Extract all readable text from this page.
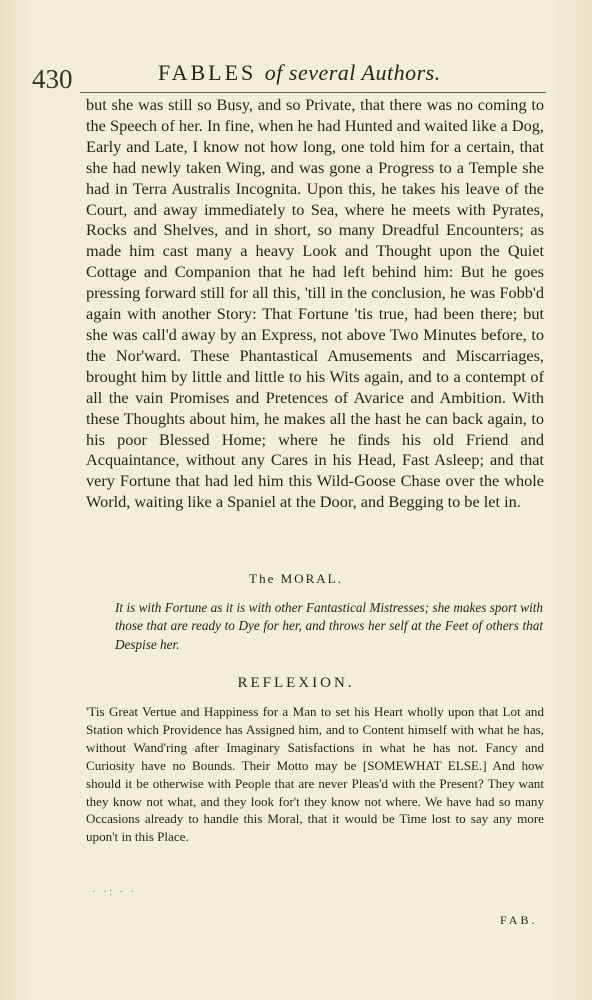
430	FABLES of several Authors.

but she was still so Busy, and so Private, that there was no coming to the Speech of her. In fine, when he had Hunted and waited like a Dog, Early and Late, I know not how long, one told him for a certain, that she had newly taken Wing, and was gone a Progress to a Temple she had in Terra Australis Incognita. Upon this, he takes his leave of the Court, and away immediately to Sea, where he meets with Pyrates, Rocks and Shelves, and in short, so many Dreadful Encounters; as made him cast many a heavy Look and Thought upon the Quiet Cottage and Companion that he had left behind him: But he goes pressing forward still for all this, 'till in the conclusion, he was Fobb'd again with another Story: That Fortune 'tis true, had been there; but she was call'd away by an Express, not above Two Minutes before, to the Nor'ward. These Phantastical Amusements and Miscarriages, brought him by little and little to his Wits again, and to a contempt of all the vain Promises and Pretences of Avarice and Ambition. With these Thoughts about him, he makes all the hast he can back again, to his poor Blessed Home; where he finds his old Friend and Acquaintance, without any Cares in his Head, Fast Asleep; and that very Fortune that had led him this Wild-Goose Chase over the whole World, waiting like a Spaniel at the Door, and Begging to be let in.

The MORAL.
It is with Fortune as it is with other Fantastical Mistresses; she makes sport with those that are ready to Dye for her, and throws her self at the Feet of others that Despise her.
REFLEXION.
'Tis Great Vertue and Happiness for a Man to set his Heart wholly upon that Lot and Station which Providence has Assigned him, and to Content himself with what he has, without Wand'ring after Imaginary Satisfactions in what he has not. Fancy and Curiosity have no Bounds. Their Motto may be [SOMEWHAT ELSE.] And how should it be otherwise with People that are never Pleas'd with the Present? They want they know not what, and they look for't they know not where. We have had so many Occasions already to handle this Moral, that it would be Time lost to say any more upon't in this Place.
· ·: · ·
FAB.
